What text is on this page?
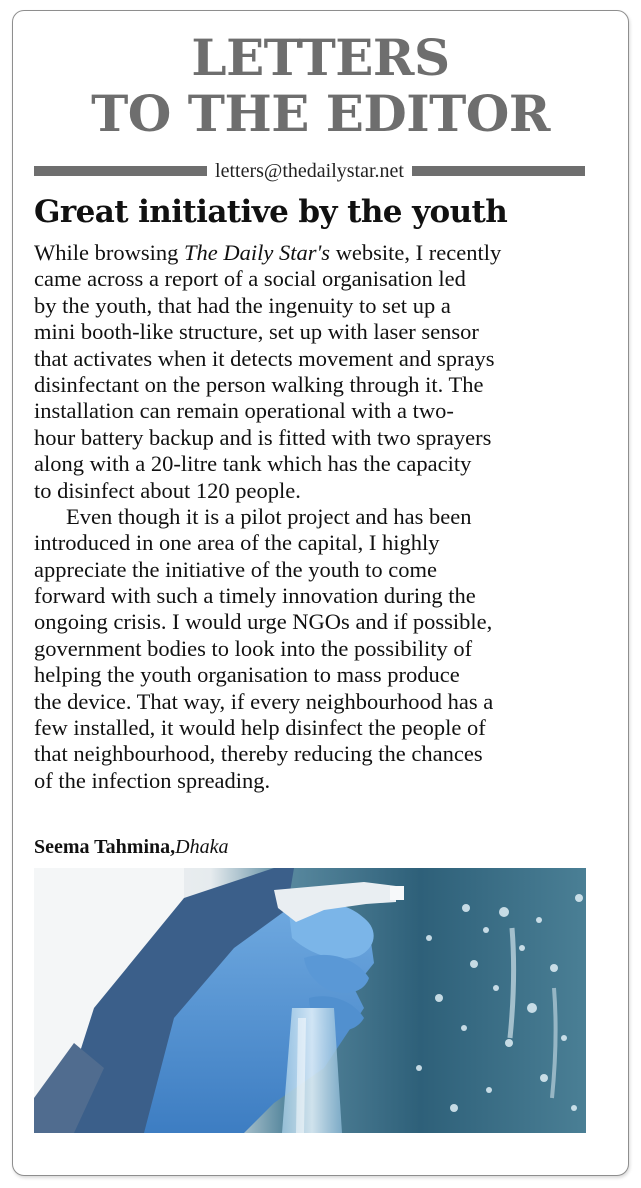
LETTERS
TO THE EDITOR
letters@thedailystar.net
Great initiative by the youth
While browsing The Daily Star's website, I recently
came across a report of a social organisation led
by the youth, that had the ingenuity to set up a
mini booth-like structure, set up with laser sensor
that activates when it detects movement and sprays
disinfectant on the person walking through it. The
installation can remain operational with a two-
hour battery backup and is fitted with two sprayers
along with a 20-litre tank which has the capacity
to disinfect about 120 people.
Even though it is a pilot project and has been
introduced in one area of the capital, I highly
appreciate the initiative of the youth to come
forward with such a timely innovation during the
ongoing crisis. I would urge NGOs and if possible,
government bodies to look into the possibility of
helping the youth organisation to mass produce
the device. That way, if every neighbourhood has a
few installed, it would help disinfect the people of
that neighbourhood, thereby reducing the chances
of the infection spreading.
Seema Tahmina,Dhaka
